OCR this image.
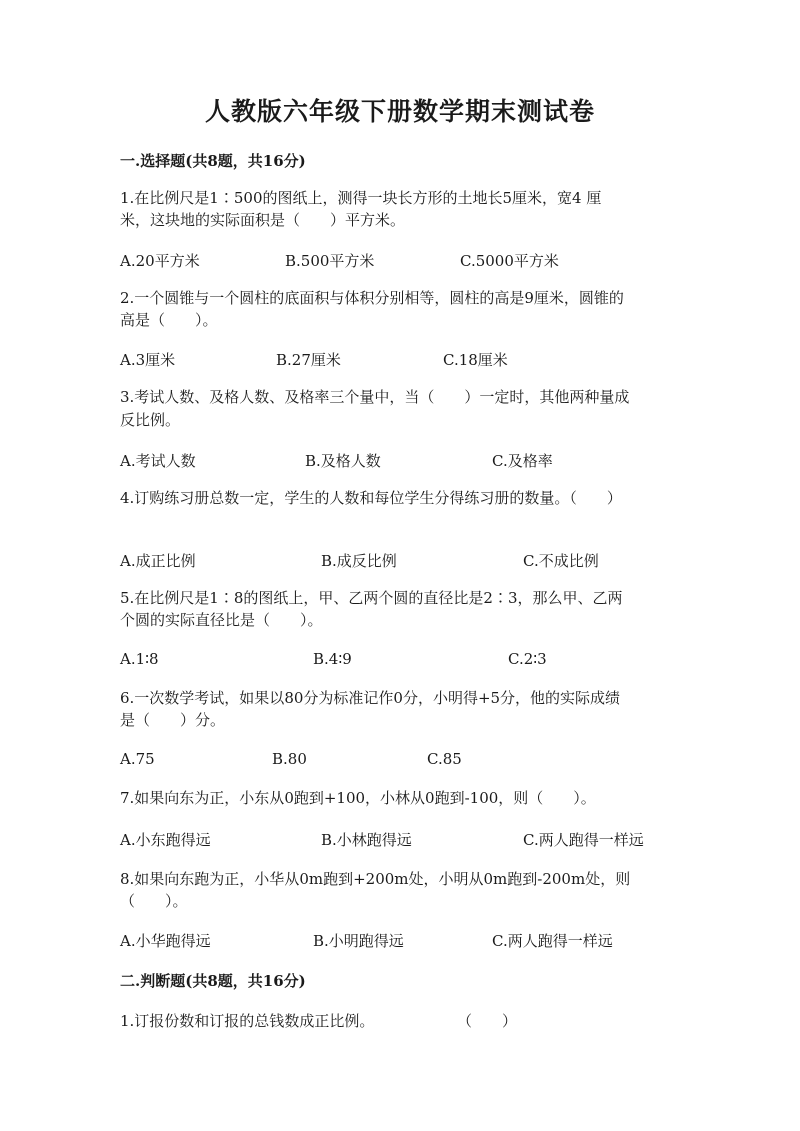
人教版六年级下册数学期末测试卷
一.选择题(共8题，共16分)
1.在比例尺是1∶500的图纸上，测得一块长方形的土地长5厘米，宽4 厘
米，这块地的实际面积是（　　）平方米。
A.20平方米	B.500平方米	C.5000平方米
2.一个圆锥与一个圆柱的底面积与体积分别相等，圆柱的高是9厘米，圆锥的
高是（　　）。
A.3厘米	B.27厘米	C.18厘米
3.考试人数、及格人数、及格率三个量中，当（　　）一定时，其他两种量成
反比例。
A.考试人数	B.及格人数	C.及格率
4.订购练习册总数一定，学生的人数和每位学生分得练习册的数量。（　　）
A.成正比例	B.成反比例	C.不成比例
5.在比例尺是1∶8的图纸上，甲、乙两个圆的直径比是2∶3，那么甲、乙两
个圆的实际直径比是（　　）。
A.1∶8	B.4∶9	C.2∶3
6.一次数学考试，如果以80分为标准记作0分，小明得+5分，他的实际成绩
是（　　）分。
A.75	B.80	C.85
7.如果向东为正，小东从0跑到+100，小林从0跑到-100，则（　　）。
A.小东跑得远	B.小林跑得远	C.两人跑得一样远
8.如果向东跑为正，小华从0m跑到+200m处，小明从0m跑到-200m处，则
（　　）。
A.小华跑得远	B.小明跑得远	C.两人跑得一样远
二.判断题(共8题，共16分)
1.订报份数和订报的总钱数成正比例。	（　　）
